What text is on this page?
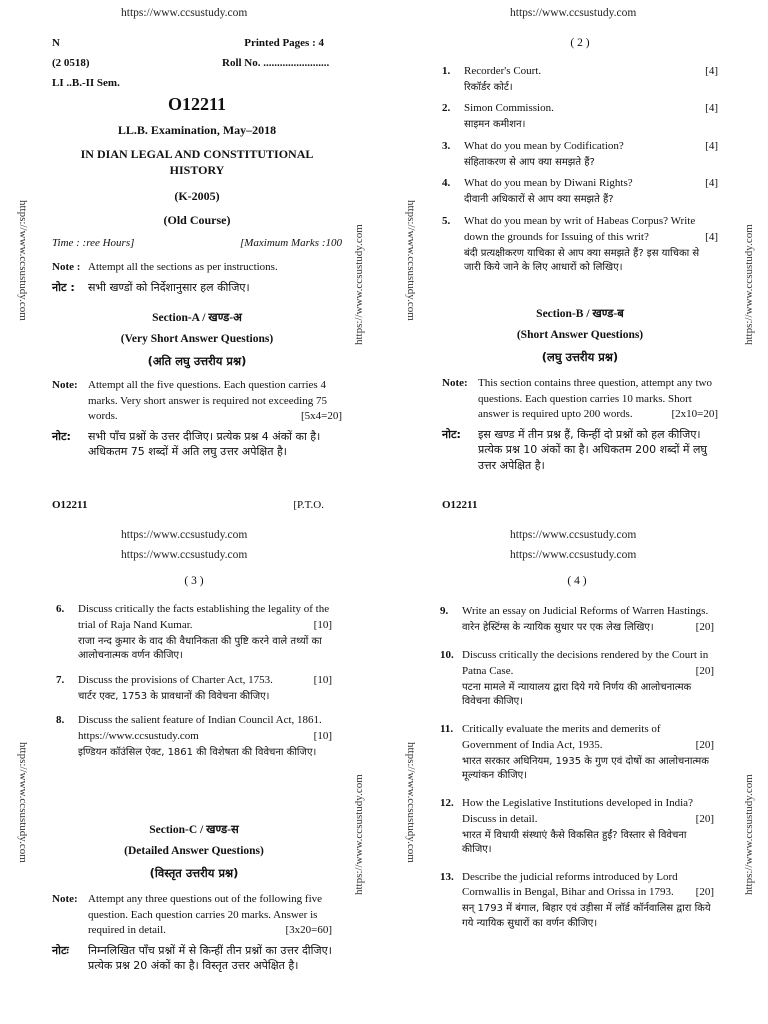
https://www.ccsustudy.com	https://www.ccsustudy.com
https://www.ccsustudy.com
https://www.ccsustudy.com
https://www.ccsustudy.com
https://www.ccsustudy.com
https://www.ccsustudy.com	https://www.ccsustudy.com	https://www.ccsustudy.com	https://www.ccsustudy.com
https://www.ccsustudy.com	https://www.ccsustudy.com	https://www.ccsustudy.com	https://www.ccsustudy.com
N	Printed Pages : 4
(2 0518)	Roll No. ........................
LI ..B.-II Sem.
O12211
LL.B. Examination, May–2018
IN DIAN LEGAL AND CONSTITUTIONAL HISTORY
(K-2005)
(Old Course)
Time : :ree Hours]	[Maximum Marks :100
Note : Attempt all the sections as per instructions.
नोट :	सभी खण्डों को निर्देशानुसार हल कीजिए।
Section-A / खण्ड-अ
(Very Short Answer Questions)
(अति लघु उत्तरीय प्रश्न)
Note: Attempt all the five questions. Each question carries 4 marks. Very short answer is required not exceeding 75 words.	[5x4=20]
नोट:	सभी पाँच प्रश्नों के उत्तर दीजिए। प्रत्येक प्रश्न 4 अंकों का है। अधिकतम 75 शब्दों में अति लघु उत्तर अपेक्षित है।
O12211	[P.T.O.
( 2 )
1.	Recorder's Court.	[4]
रिकॉर्डर कोर्ट।
2.	Simon Commission.	[4]
साइमन कमीशन।
3.	What do you mean by Codification?	[4]
संहिताकरण से आप क्या समझते हैं?
4.	What do you mean by Diwani Rights?	[4]
दीवानी अधिकारों से आप क्या समझते हैं?
5.	What do you mean by writ of Habeas Corpus? Write down the grounds for Issuing of this writ?	[4]
बंदी प्रत्यक्षीकरण याचिका से आप क्या समझते हैं? इस याचिका से जारी किये जाने के लिए आधारों को लिखिए।
Section-B / खण्ड-ब
(Short Answer Questions)
(लघु उत्तरीय प्रश्न)
Note: This section contains three question, attempt any two questions. Each question carries 10 marks. Short answer is required upto 200 words.	[2x10=20]
नोट:	इस खण्ड में तीन प्रश्न हैं, किन्हीं दो प्रश्नों को हल कीजिए। प्रत्येक प्रश्न 10 अंकों का है। अधिकतम 200 शब्दों में लघु उत्तर अपेक्षित है।
O12211
( 3 )
6.	Discuss critically the facts establishing the legality of the trial of Raja Nand Kumar.	[10]
राजा नन्द कुमार के वाद की वैधानिकता की पुष्टि करने वाले तथ्यों का आलोचनात्मक वर्णन कीजिए।
7.	Discuss the provisions of Charter Act, 1753.	[10]
चार्टर एक्ट, 1753 के प्रावधानों की विवेचना कीजिए।
8.	Discuss the salient feature of Indian Council Act, 1861. https://www.ccsustudy.com	[10]
इण्डियन कॉउंसिल ऐक्ट, 1861 की विशेषता की विवेचना कीजिए।
Section-C / खण्ड-स
(Detailed Answer Questions)
(विस्तृत उत्तरीय प्रश्न)
Note: Attempt any three questions out of the following five question. Each question carries 20 marks. Answer is required in detail.	[3x20=60]
नोटः	निम्नलिखित पाँच प्रश्नों में से किन्हीं तीन प्रश्नों का उत्तर दीजिए। प्रत्येक प्रश्न 20 अंकों का है। विस्तृत उत्तर अपेक्षित है।
( 4 )
9.	Write an essay on Judicial Reforms of Warren Hastings.
[20]
वारेन हेस्टिंग्स के न्यायिक सुधार पर एक लेख लिखिए।
10. Discuss critically the decisions rendered by the Court in Patna Case.	[20]
पटना मामले में न्यायालय द्वारा दिये गये निर्णय की आलोचनात्मक विवेचना कीजिए।
11. Critically evaluate the merits and demerits of Government of India Act, 1935.	[20]
भारत सरकार अधिनियम, 1935 के गुण एवं दोषों का आलोचनात्मक मूल्यांकन कीजिए।
12. How the Legislative Institutions developed in India? Discuss in detail.	[20]
भारत में विधायी संस्थाएं कैसे विकसित हुईं? विस्तार से विवेचना कीजिए।
13. Describe the judicial reforms introduced by Lord Cornwallis in Bengal, Bihar and Orissa in 1793. [20]
सन् 1793 में बंगाल, बिहार एवं उड़ीसा में लॉर्ड कॉर्नवालिस द्वारा किये गये न्यायिक सुधारों का वर्णन कीजिए।
